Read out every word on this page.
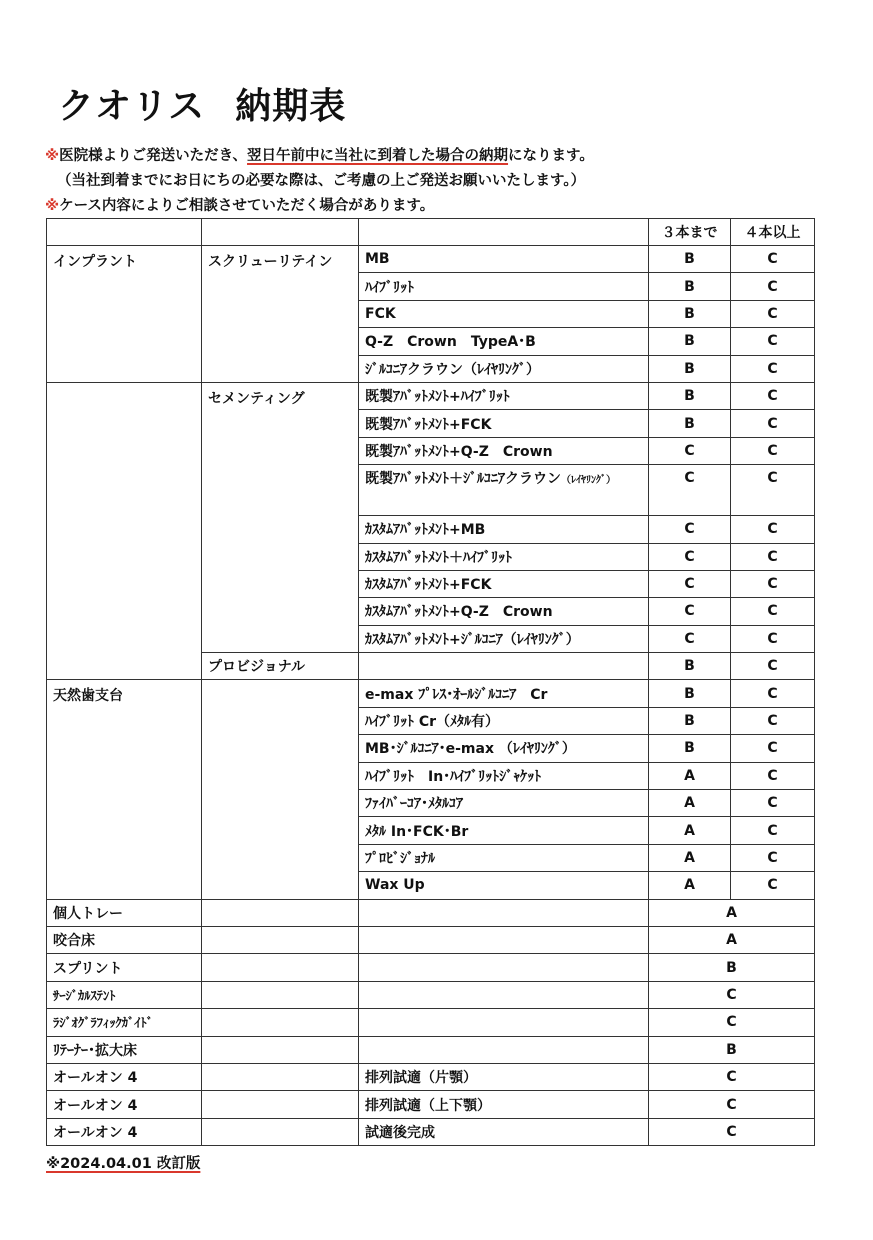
クオリス 納期表
※医院様よりご発送いただき、翌日午前中に当社に到着した場合の納期になります。
（当社到着までにお日にちの必要な際は、ご考慮の上ご発送お願いいたします。）
※ケース内容によりご相談させていただく場合があります。
			３本まで	４本以上
インプラント	スクリューリテイン	MB	B	C
		ﾊｲﾌﾞﾘｯﾄ	B	C
		FCK	B	C
		Q-Z　Crown　TypeA･B	B	C
		ｼﾞﾙｺﾆｱクラウン（ﾚｲﾔﾘﾝｸﾞ）	B	C
	セメンティング	既製ｱﾊﾞｯﾄﾒﾝﾄ+ﾊｲﾌﾞﾘｯﾄ	B	C
		既製ｱﾊﾞｯﾄﾒﾝﾄ+FCK	B	C
		既製ｱﾊﾞｯﾄﾒﾝﾄ+Q-Z　Crown	C	C
		既製ｱﾊﾞｯﾄﾒﾝﾄ＋ｼﾞﾙｺﾆｱクラウン（ﾚｲﾔﾘﾝｸﾞ）	C	C
		ｶｽﾀﾑｱﾊﾞｯﾄﾒﾝﾄ+MB	C	C
		ｶｽﾀﾑｱﾊﾞｯﾄﾒﾝﾄ＋ﾊｲﾌﾞﾘｯﾄ	C	C
		ｶｽﾀﾑｱﾊﾞｯﾄﾒﾝﾄ+FCK	C	C
		ｶｽﾀﾑｱﾊﾞｯﾄﾒﾝﾄ+Q-Z　Crown	C	C
		ｶｽﾀﾑｱﾊﾞｯﾄﾒﾝﾄ+ｼﾞﾙｺﾆｱ（ﾚｲﾔﾘﾝｸﾞ）	C	C
	プロビジョナル		B	C
天然歯支台		e-max ﾌﾟﾚｽ･ｵｰﾙｼﾞﾙｺﾆｱ　Cr	B	C
		ﾊｲﾌﾞﾘｯﾄ Cr（ﾒﾀﾙ有）	B	C
		MB･ｼﾞﾙｺﾆｱ･e-max （ﾚｲﾔﾘﾝｸﾞ）	B	C
		ﾊｲﾌﾞﾘｯﾄ　In･ﾊｲﾌﾞﾘｯﾄｼﾞｬｹｯﾄ	A	C
		ﾌｧｲﾊﾞｰｺｱ･ﾒﾀﾙｺｱ	A	C
		ﾒﾀﾙ In･FCK･Br	A	C
		ﾌﾟﾛﾋﾞｼﾞｮﾅﾙ	A	C
		Wax Up	A	C
個人トレー			A	
咬合床			A	
スプリント			B	
ｻｰｼﾞｶﾙｽﾃﾝﾄ			C	
ﾗｼﾞｵｸﾞﾗﾌｨｯｸｶﾞｲﾄﾞ			C	
ﾘﾃｰﾅｰ･拡大床			B	
オールオン 4		排列試適（片顎）	C	
オールオン 4		排列試適（上下顎）	C	
オールオン 4		試適後完成	C	
※2024.04.01 改訂版
